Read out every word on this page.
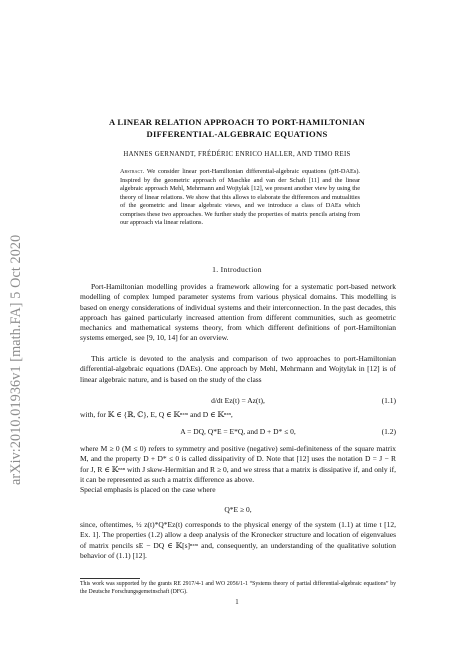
arXiv:2010.01936v1 [math.FA] 5 Oct 2020
A LINEAR RELATION APPROACH TO PORT-HAMILTONIAN
DIFFERENTIAL-ALGEBRAIC EQUATIONS
HANNES GERNANDT, FRÉDÉRIC ENRICO HALLER, AND TIMO REIS
Abstract. We consider linear port-Hamiltonian differential-algebraic equations (pH-DAEs). Inspired by the geometric approach of Maschke and van der Schaft [11] and the linear algebraic approach Mehl, Mehrmann and Wojtylak [12], we present another view by using the theory of linear relations. We show that this allows to elaborate the differences and mutualities of the geometric and linear algebraic views, and we introduce a class of DAEs which comprises these two approaches. We further study the properties of matrix pencils arising from our approach via linear relations.
1. Introduction

Port-Hamiltonian modelling provides a framework allowing for a systematic port-based network modelling of complex lumped parameter systems from various physical domains. This modelling is based on energy considerations of individual systems and their interconnection. In the past decades, this approach has gained particularly increased attention from different communities, such as geometric mechanics and mathematical systems theory, from which different definitions of port-Hamiltonian systems emerged, see [9, 10, 14] for an overview.

This article is devoted to the analysis and comparison of two approaches to port-Hamiltonian differential-algebraic equations (DAEs). One approach by Mehl, Mehrmann and Wojtylak in [12] is of linear algebraic nature, and is based on the study of the class

d/dt Ez(t) = Az(t),	(1.1)

with, for 𝕂 ∈ {ℝ, ℂ}, E, Q ∈ 𝕂ⁿˣᵐ and D ∈ 𝕂ⁿˣⁿ,

A = DQ, Q*E = E*Q, and D + D* ≤ 0,	(1.2)

where M ≥ 0 (M ≤ 0) refers to symmetry and positive (negative) semi-definiteness of the square matrix M, and the property D + D* ≤ 0 is called dissipativity of D. Note that [12] uses the notation D = J − R for J, R ∈ 𝕂ⁿˣⁿ with J skew-Hermitian and R ≥ 0, and we stress that a matrix is dissipative if, and only if, it can be represented as such a matrix difference as above.

Special emphasis is placed on the case where

Q*E ≥ 0,

since, oftentimes, ½ z(t)*Q*Ez(t) corresponds to the physical energy of the system (1.1) at time t [12, Ex. 1]. The properties (1.2) allow a deep analysis of the Kronecker structure and location of eigenvalues of matrix pencils sE − DQ ∈ 𝕂[s]ⁿˣᵐ and, consequently, an understanding of the qualitative solution behavior of (1.1) [12].

This work was supported by the grants RE 2917/4-1 and WO 2056/1-1 “Systems theory of partial differential-algebraic equations” by the Deutsche Forschungsgemeinschaft (DFG).
1
